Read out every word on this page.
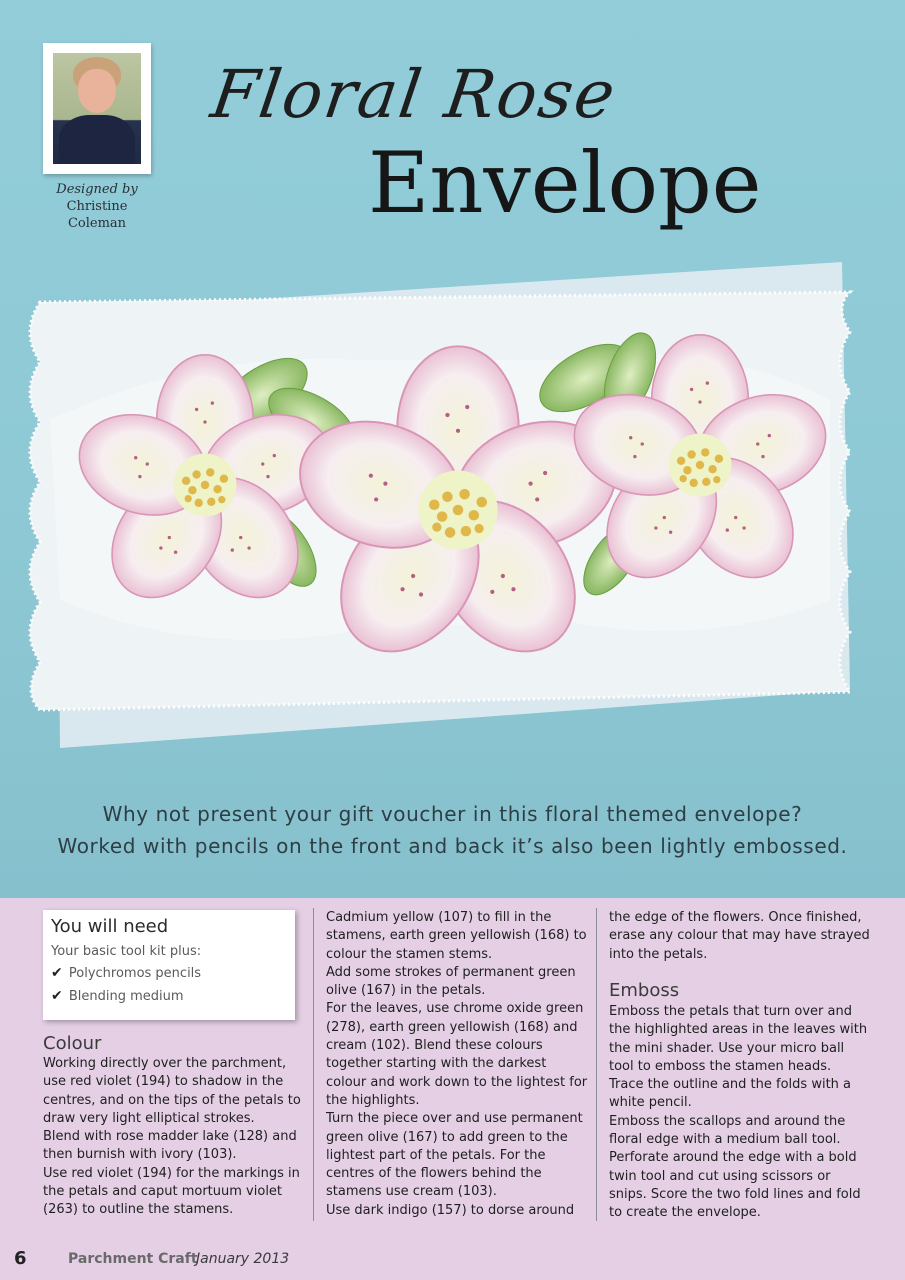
Designed by
Christine
Coleman
Floral Rose
Envelope
Why not present your gift voucher in this floral themed envelope?
Worked with pencils on the front and back it’s also been lightly embossed.
You will need
Your basic tool kit plus:
✔ Polychromos pencils
✔ Blending medium
Colour

Working directly over the parchment, use red violet (194) to shadow in the centres, and on the tips of the petals to draw very light elliptical strokes.

Blend with rose madder lake (128) and then burnish with ivory (103).

Use red violet (194) for the markings in the petals and caput mortuum violet (263) to outline the stamens.

Cadmium yellow (107) to fill in the stamens, earth green yellowish (168) to colour the stamen stems.

Add some strokes of permanent green olive (167) in the petals.

For the leaves, use chrome oxide green (278), earth green yellowish (168) and cream (102). Blend these colours together starting with the darkest colour and work down to the lightest for the highlights.

Turn the piece over and use permanent green olive (167) to add green to the lightest part of the petals. For the centres of the flowers behind the stamens use cream (103).

Use dark indigo (157) to dorse around

the edge of the flowers. Once finished, erase any colour that may have strayed into the petals.

Emboss

Emboss the petals that turn over and the highlighted areas in the leaves with the mini shader. Use your micro ball tool to emboss the stamen heads.

Trace the outline and the folds with a white pencil.

Emboss the scallops and around the floral edge with a medium ball tool. Perforate around the edge with a bold twin tool and cut using scissors or snips. Score the two fold lines and fold to create the envelope.

6	Parchment Craft
January 2013
